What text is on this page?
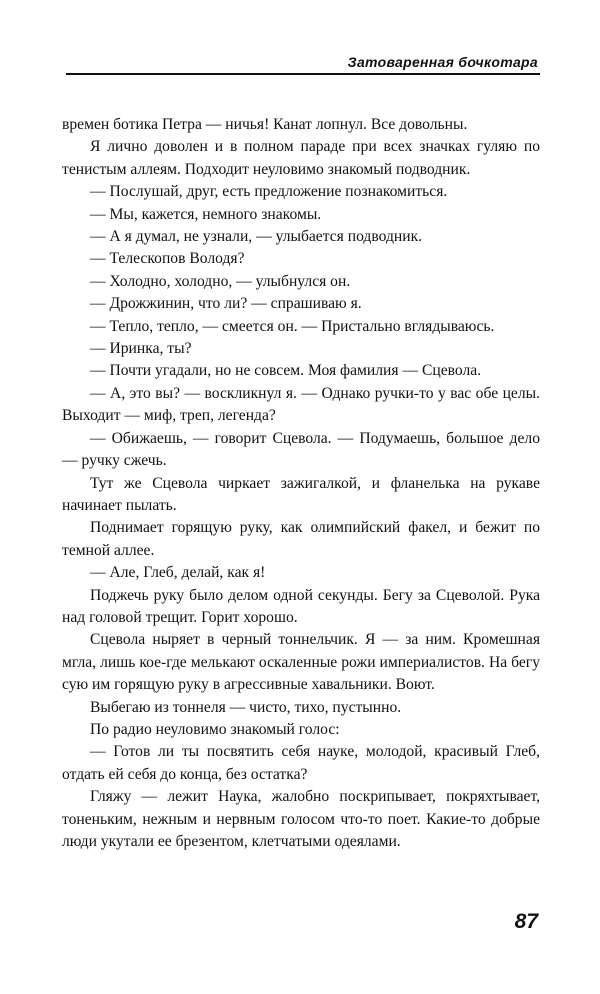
Затоваренная бочкотара

времен ботика Петра — ничья! Канат лопнул. Все довольны.

Я лично доволен и в полном параде при всех значках гуляю по тенистым аллеям. Подходит неуловимо знакомый подводник.

— Послушай, друг, есть предложение познакомиться.

— Мы, кажется, немного знакомы.

— А я думал, не узнали, — улыбается подводник.

— Телескопов Володя?

— Холодно, холодно, — улыбнулся он.

— Дрожжинин, что ли? — спрашиваю я.

— Тепло, тепло, — смеется он. — Пристально вглядываюсь.

— Иринка, ты?

— Почти угадали, но не совсем. Моя фамилия — Сцевола.

— А, это вы? — воскликнул я. — Однако ручки-то у вас обе целы. Выходит — миф, треп, легенда?

— Обижаешь, — говорит Сцевола. — Подумаешь, большое дело — ручку сжечь.

Тут же Сцевола чиркает зажигалкой, и фланелька на рукаве начинает пылать.

Поднимает горящую руку, как олимпийский факел, и бежит по темной аллее.

— Але, Глеб, делай, как я!

Поджечь руку было делом одной секунды. Бегу за Сцеволой. Рука над головой трещит. Горит хорошо.

Сцевола ныряет в черный тоннельчик. Я — за ним. Кромешная мгла, лишь кое-где мелькают оскаленные рожи империалистов. На бегу сую им горящую руку в агрессивные хавальники. Воют.

Выбегаю из тоннеля — чисто, тихо, пустынно.

По радио неуловимо знакомый голос:

— Готов ли ты посвятить себя науке, молодой, красивый Глеб, отдать ей себя до конца, без остатка?

Гляжу — лежит Наука, жалобно поскрипывает, покряхтывает, тоненьким, нежным и нервным голосом что-то поет. Какие-то добрые люди укутали ее брезентом, клетчатыми одеялами.

87
